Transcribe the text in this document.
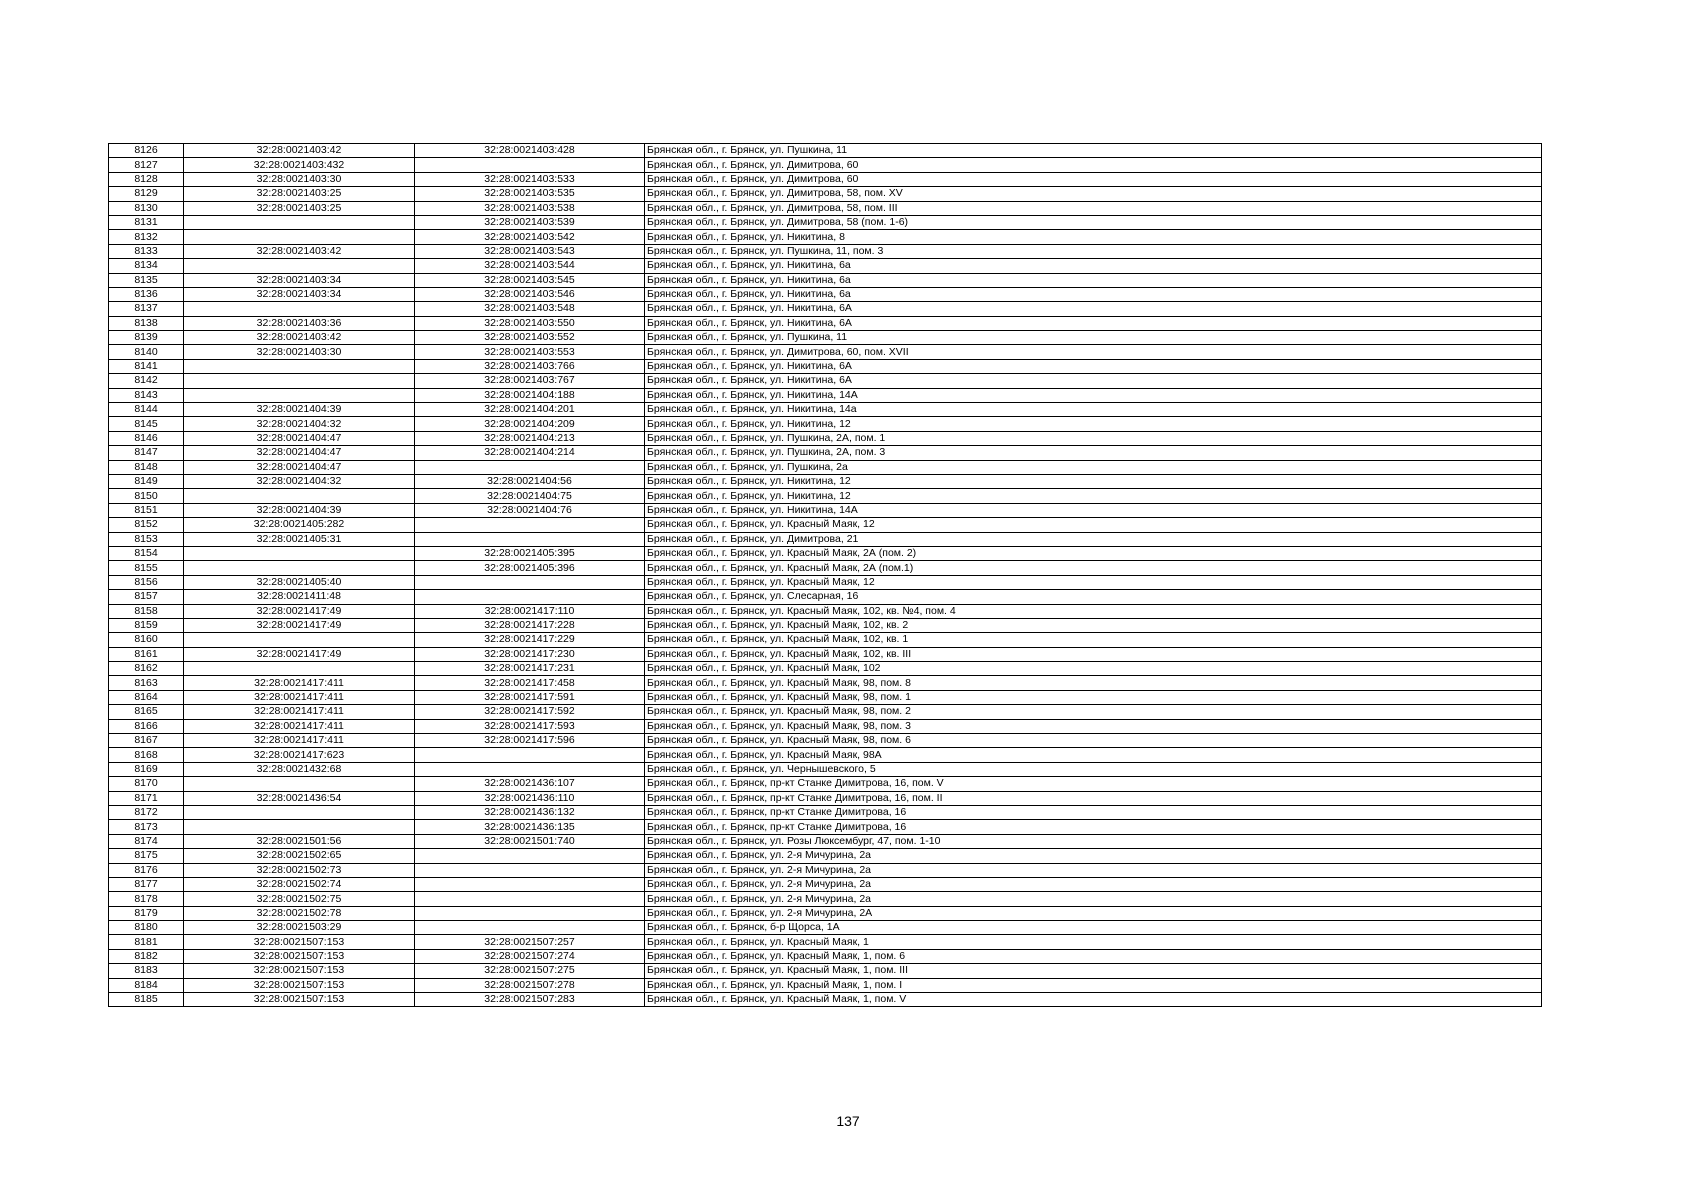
8126	32:28:0021403:42	32:28:0021403:428	Брянская обл., г. Брянск, ул. Пушкина, 11
8127	32:28:0021403:432		Брянская обл., г. Брянск, ул. Димитрова, 60
8128	32:28:0021403:30	32:28:0021403:533	Брянская обл., г. Брянск, ул. Димитрова, 60
8129	32:28:0021403:25	32:28:0021403:535	Брянская обл., г. Брянск, ул. Димитрова, 58, пом. XV
8130	32:28:0021403:25	32:28:0021403:538	Брянская обл., г. Брянск, ул. Димитрова, 58, пом. III
8131		32:28:0021403:539	Брянская обл., г. Брянск, ул. Димитрова, 58 (пом. 1-6)
8132		32:28:0021403:542	Брянская обл., г. Брянск, ул. Никитина, 8
8133	32:28:0021403:42	32:28:0021403:543	Брянская обл., г. Брянск, ул. Пушкина, 11, пом. 3
8134		32:28:0021403:544	Брянская обл., г. Брянск, ул. Никитина, 6а
8135	32:28:0021403:34	32:28:0021403:545	Брянская обл., г. Брянск, ул. Никитина, 6а
8136	32:28:0021403:34	32:28:0021403:546	Брянская обл., г. Брянск, ул. Никитина, 6а
8137		32:28:0021403:548	Брянская обл., г. Брянск, ул. Никитина, 6А
8138	32:28:0021403:36	32:28:0021403:550	Брянская обл., г. Брянск, ул. Никитина, 6А
8139	32:28:0021403:42	32:28:0021403:552	Брянская обл., г. Брянск, ул. Пушкина, 11
8140	32:28:0021403:30	32:28:0021403:553	Брянская обл., г. Брянск, ул. Димитрова, 60, пом. XVII
8141		32:28:0021403:766	Брянская обл., г. Брянск, ул. Никитина, 6А
8142		32:28:0021403:767	Брянская обл., г. Брянск, ул. Никитина, 6А
8143		32:28:0021404:188	Брянская обл., г. Брянск, ул. Никитина, 14А
8144	32:28:0021404:39	32:28:0021404:201	Брянская обл., г. Брянск, ул. Никитина, 14а
8145	32:28:0021404:32	32:28:0021404:209	Брянская обл., г. Брянск, ул. Никитина, 12
8146	32:28:0021404:47	32:28:0021404:213	Брянская обл., г. Брянск, ул. Пушкина, 2А, пом. 1
8147	32:28:0021404:47	32:28:0021404:214	Брянская обл., г. Брянск, ул. Пушкина, 2А, пом. 3
8148	32:28:0021404:47		Брянская обл., г. Брянск, ул. Пушкина, 2а
8149	32:28:0021404:32	32:28:0021404:56	Брянская обл., г. Брянск, ул. Никитина, 12
8150		32:28:0021404:75	Брянская обл., г. Брянск, ул. Никитина, 12
8151	32:28:0021404:39	32:28:0021404:76	Брянская обл., г. Брянск, ул. Никитина, 14А
8152	32:28:0021405:282		Брянская обл., г. Брянск, ул. Красный Маяк, 12
8153	32:28:0021405:31		Брянская обл., г. Брянск, ул. Димитрова, 21
8154		32:28:0021405:395	Брянская обл., г. Брянск, ул. Красный Маяк, 2А (пом. 2)
8155		32:28:0021405:396	Брянская обл., г. Брянск, ул. Красный Маяк, 2А (пом.1)
8156	32:28:0021405:40		Брянская обл., г. Брянск, ул. Красный Маяк, 12
8157	32:28:0021411:48		Брянская обл., г. Брянск, ул. Слесарная, 16
8158	32:28:0021417:49	32:28:0021417:110	Брянская обл., г. Брянск, ул. Красный Маяк, 102, кв. №4, пом. 4
8159	32:28:0021417:49	32:28:0021417:228	Брянская обл., г. Брянск, ул. Красный Маяк, 102, кв. 2
8160		32:28:0021417:229	Брянская обл., г. Брянск, ул. Красный Маяк, 102, кв. 1
8161	32:28:0021417:49	32:28:0021417:230	Брянская обл., г. Брянск, ул. Красный Маяк, 102, кв. III
8162		32:28:0021417:231	Брянская обл., г. Брянск, ул. Красный Маяк, 102
8163	32:28:0021417:411	32:28:0021417:458	Брянская обл., г. Брянск, ул. Красный Маяк, 98, пом. 8
8164	32:28:0021417:411	32:28:0021417:591	Брянская обл., г. Брянск, ул. Красный Маяк, 98, пом. 1
8165	32:28:0021417:411	32:28:0021417:592	Брянская обл., г. Брянск, ул. Красный Маяк, 98, пом. 2
8166	32:28:0021417:411	32:28:0021417:593	Брянская обл., г. Брянск, ул. Красный Маяк, 98, пом. 3
8167	32:28:0021417:411	32:28:0021417:596	Брянская обл., г. Брянск, ул. Красный Маяк, 98, пом. 6
8168	32:28:0021417:623		Брянская обл., г. Брянск, ул. Красный Маяк, 98А
8169	32:28:0021432:68		Брянская обл., г. Брянск, ул. Чернышевского, 5
8170		32:28:0021436:107	Брянская обл., г. Брянск, пр-кт Станке Димитрова, 16, пом. V
8171	32:28:0021436:54	32:28:0021436:110	Брянская обл., г. Брянск, пр-кт Станке Димитрова, 16, пом. II
8172		32:28:0021436:132	Брянская обл., г. Брянск, пр-кт Станке Димитрова, 16
8173		32:28:0021436:135	Брянская обл., г. Брянск, пр-кт Станке Димитрова, 16
8174	32:28:0021501:56	32:28:0021501:740	Брянская обл., г. Брянск, ул. Розы Люксембург, 47, пом. 1-10
8175	32:28:0021502:65		Брянская обл., г. Брянск, ул. 2-я Мичурина, 2а
8176	32:28:0021502:73		Брянская обл., г. Брянск, ул. 2-я Мичурина, 2а
8177	32:28:0021502:74		Брянская обл., г. Брянск, ул. 2-я Мичурина, 2а
8178	32:28:0021502:75		Брянская обл., г. Брянск, ул. 2-я Мичурина, 2а
8179	32:28:0021502:78		Брянская обл., г. Брянск, ул. 2-я Мичурина, 2А
8180	32:28:0021503:29		Брянская обл., г. Брянск, б-р Щорса, 1А
8181	32:28:0021507:153	32:28:0021507:257	Брянская обл., г. Брянск, ул. Красный Маяк, 1
8182	32:28:0021507:153	32:28:0021507:274	Брянская обл., г. Брянск, ул. Красный Маяк, 1, пом. 6
8183	32:28:0021507:153	32:28:0021507:275	Брянская обл., г. Брянск, ул. Красный Маяк, 1, пом. III
8184	32:28:0021507:153	32:28:0021507:278	Брянская обл., г. Брянск, ул. Красный Маяк, 1, пом. I
8185	32:28:0021507:153	32:28:0021507:283	Брянская обл., г. Брянск, ул. Красный Маяк, 1, пом. V
137
